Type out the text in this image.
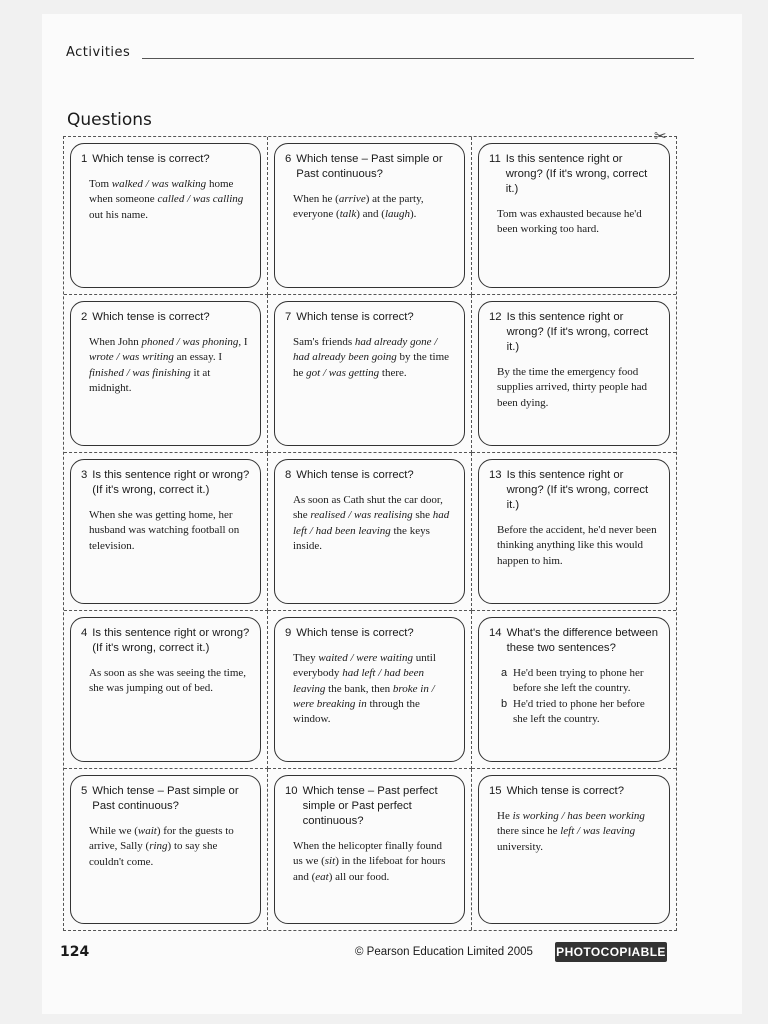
Activities
Questions
✂
1 Which tense is correct?
Tom walked / was walking home when someone called / was calling out his name.
6 Which tense – Past simple or Past continuous?
When he (arrive) at the party, everyone (talk) and (laugh).
11 Is this sentence right or wrong? (If it's wrong, correct it.)
Tom was exhausted because he'd been working too hard.
2 Which tense is correct?
When John phoned / was phoning, I wrote / was writing an essay. I finished / was finishing it at midnight.
7 Which tense is correct?
Sam's friends had already gone / had already been going by the time he got / was getting there.
12 Is this sentence right or wrong? (If it's wrong, correct it.)
By the time the emergency food supplies arrived, thirty people had been dying.
3 Is this sentence right or wrong? (If it's wrong, correct it.)
When she was getting home, her husband was watching football on television.
8 Which tense is correct?
As soon as Cath shut the car door, she realised / was realising she had left / had been leaving the keys inside.
13 Is this sentence right or wrong? (If it's wrong, correct it.)
Before the accident, he'd never been thinking anything like this would happen to him.
4 Is this sentence right or wrong? (If it's wrong, correct it.)
As soon as she was seeing the time, she was jumping out of bed.
9 Which tense is correct?
They waited / were waiting until everybody had left / had been leaving the bank, then broke in / were breaking in through the window.
14 What's the difference between these two sentences?
a He'd been trying to phone her before she left the country.
b He'd tried to phone her before she left the country.
5 Which tense – Past simple or Past continuous?
While we (wait) for the guests to arrive, Sally (ring) to say she couldn't come.
10 Which tense – Past perfect simple or Past perfect continuous?
When the helicopter finally found us we (sit) in the lifeboat for hours and (eat) all our food.
15 Which tense is correct?
He is working / has been working there since he left / was leaving university.
124	© Pearson Education Limited 2005 PHOTOCOPIABLE
